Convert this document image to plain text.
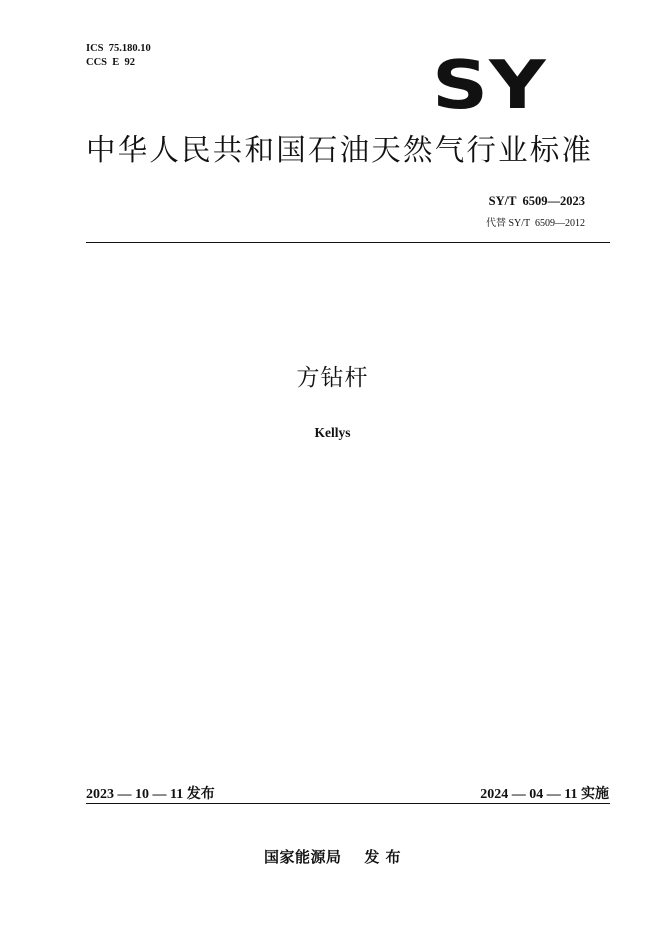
ICS  75.180.10
CCS  E  92	SY
中华人民共和国石油天然气行业标准
SY/T  6509—2023
代替 SY/T  6509—2012
方钻杆
Kellys
2023 — 10 — 11 发布	2024 — 04 — 11 实施
国家能源局    发 布
